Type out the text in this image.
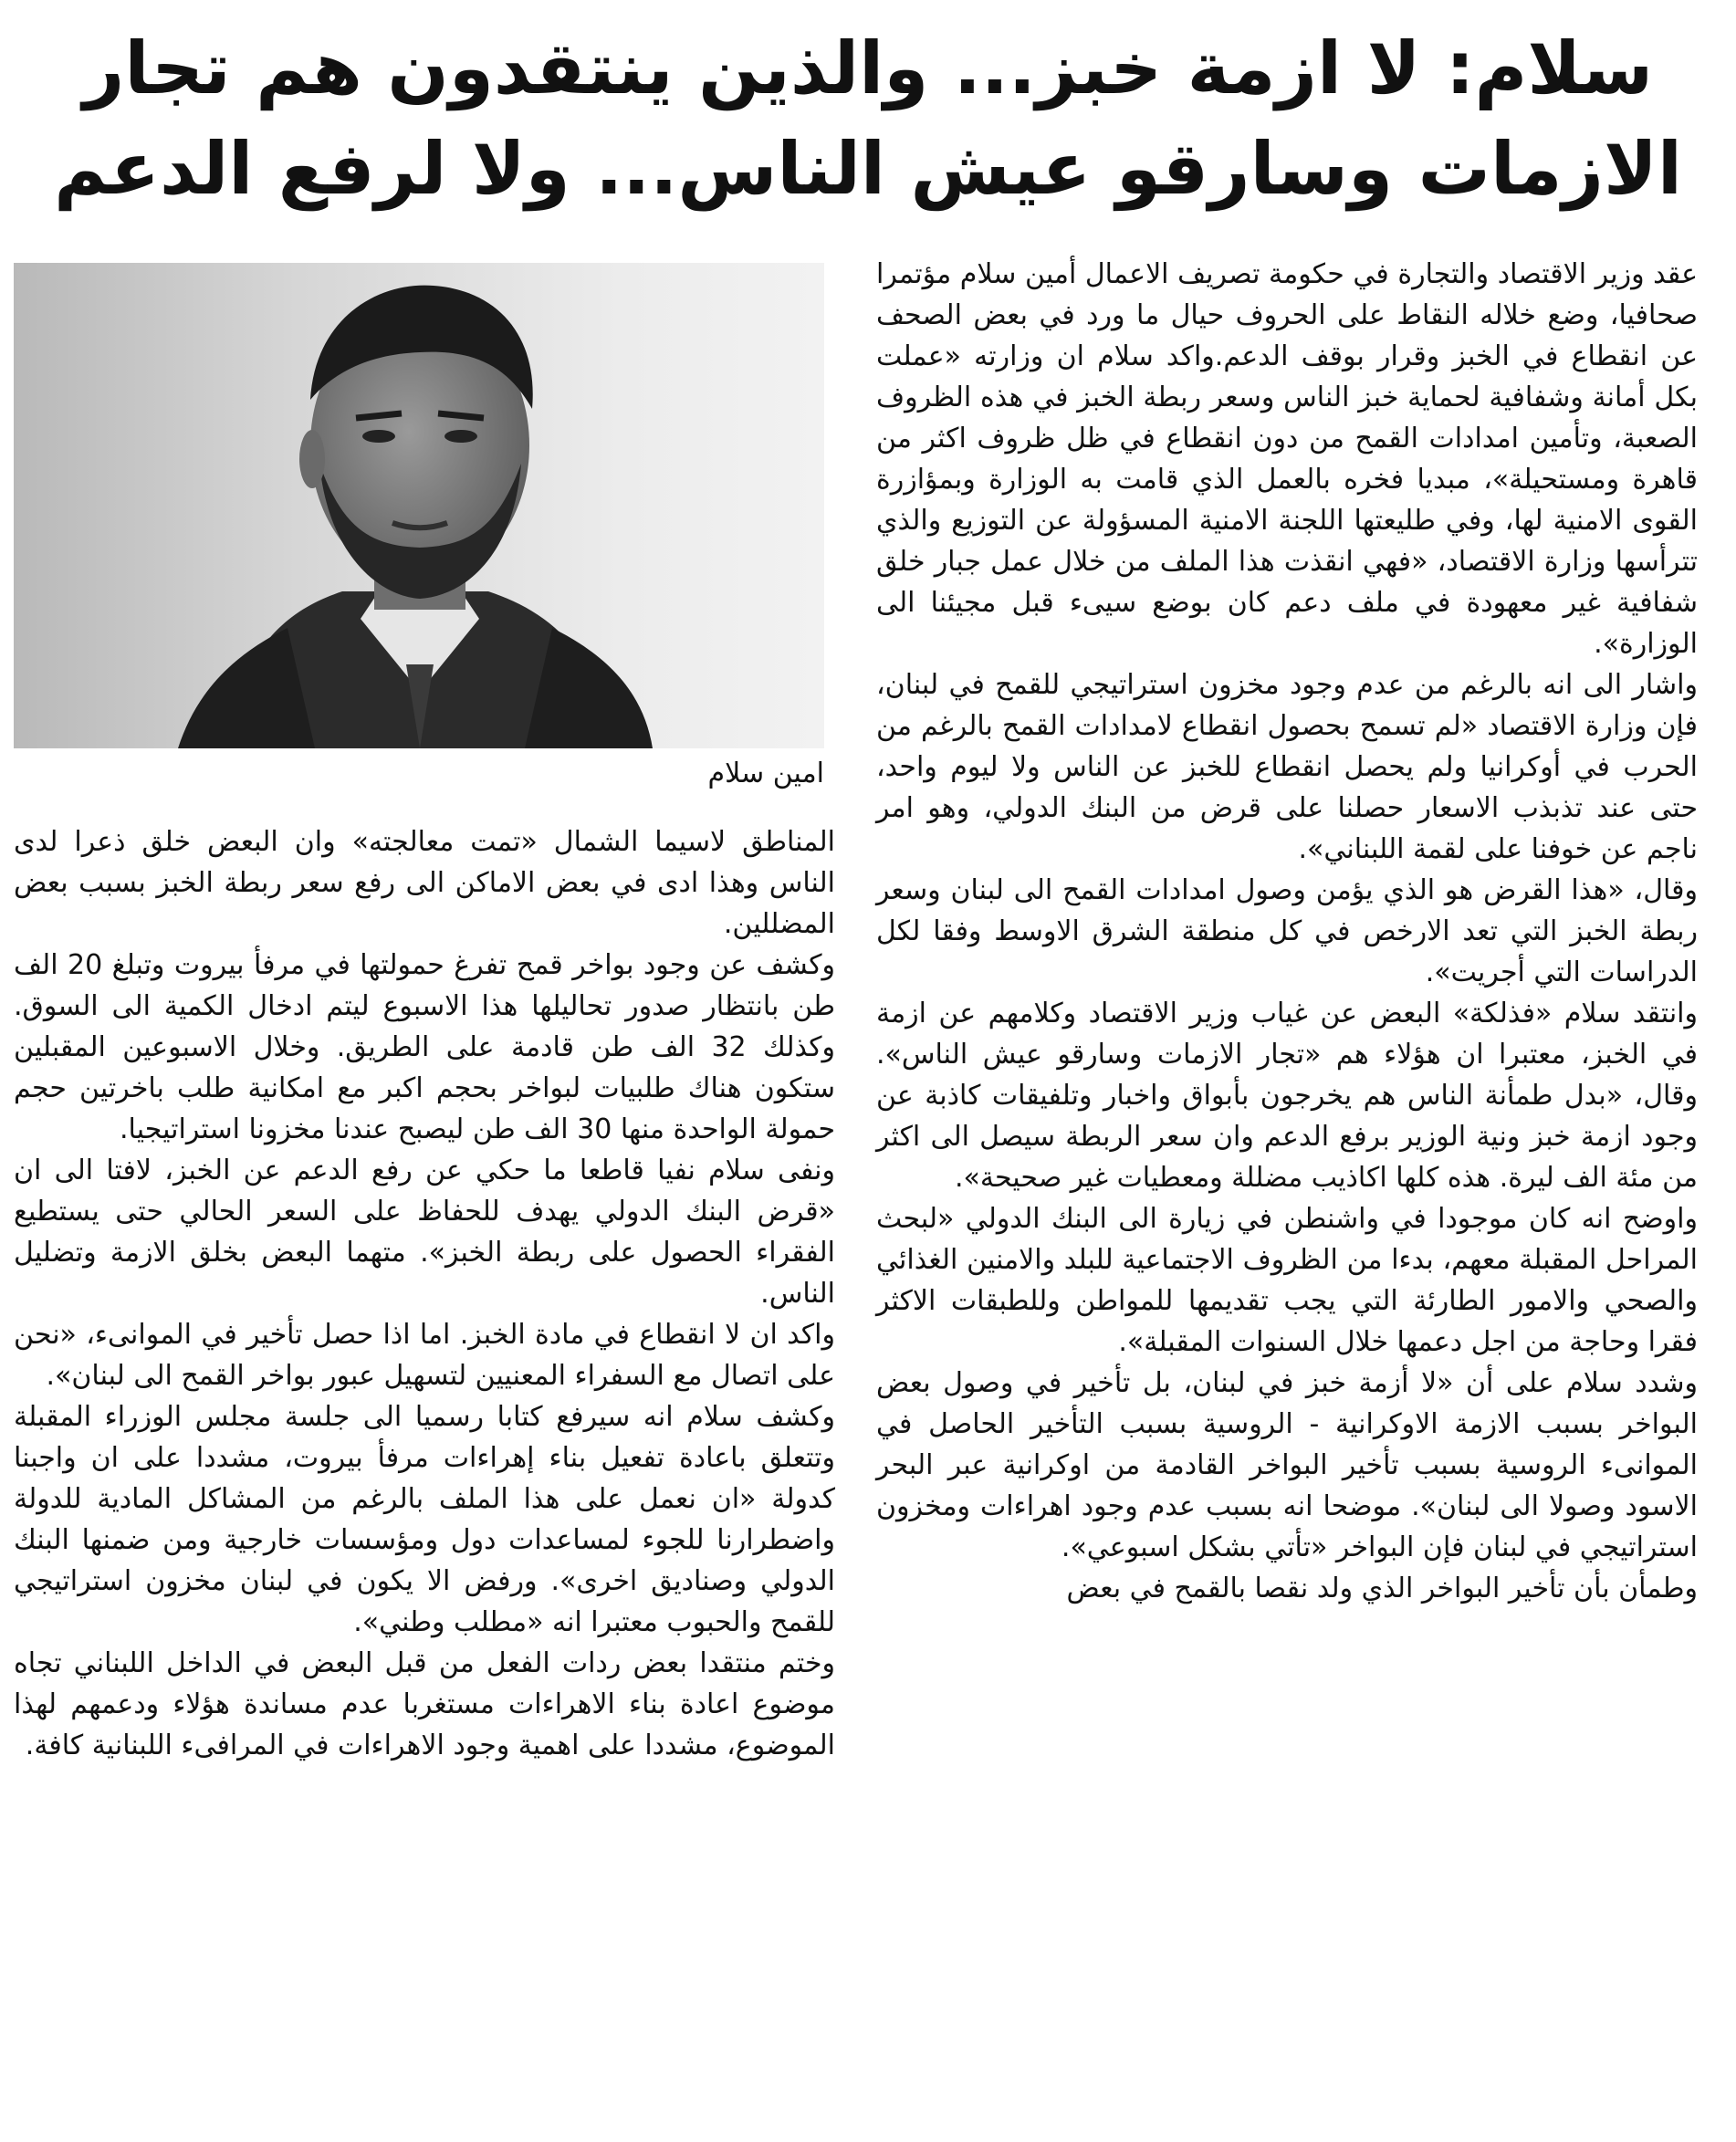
سلام: لا ازمة خبز... والذين ينتقدون هم تجار
الازمات وسارقو عيش الناس... ولا لرفع الدعم

عقد وزير الاقتصاد والتجارة في حكومة تصريف الاعمال أمين سلام مؤتمرا صحافيا، وضع خلاله النقاط على الحروف حيال ما ورد في بعض الصحف عن انقطاع في الخبز وقرار بوقف الدعم.واكد سلام ان وزارته «عملت بكل أمانة وشفافية لحماية خبز الناس وسعر ربطة الخبز في هذه الظروف الصعبة، وتأمين امدادات القمح من دون انقطاع في ظل ظروف اكثر من قاهرة ومستحيلة»، مبديا فخره بالعمل الذي قامت به الوزارة وبمؤازرة القوى الامنية لها، وفي طليعتها اللجنة الامنية المسؤولة عن التوزيع والذي تترأسها وزارة الاقتصاد، «فهي انقذت هذا الملف من خلال عمل جبار خلق شفافية غير معهودة في ملف دعم كان بوضع سيىء قبل مجيئنا الى الوزارة».

واشار الى انه بالرغم من عدم وجود مخزون استراتيجي للقمح في لبنان، فإن وزارة الاقتصاد «لم تسمح بحصول انقطاع لامدادات القمح بالرغم من الحرب في أوكرانيا ولم يحصل انقطاع للخبز عن الناس ولا ليوم واحد، حتى عند تذبذب الاسعار حصلنا على قرض من البنك الدولي، وهو امر ناجم عن خوفنا على لقمة اللبناني».

وقال، «هذا القرض هو الذي يؤمن وصول امدادات القمح الى لبنان وسعر ربطة الخبز التي تعد الارخص في كل منطقة الشرق الاوسط وفقا لكل الدراسات التي أجريت».

وانتقد سلام «فذلكة» البعض عن غياب وزير الاقتصاد وكلامهم عن ازمة في الخبز، معتبرا ان هؤلاء هم «تجار الازمات وسارقو عيش الناس». وقال، «بدل طمأنة الناس هم يخرجون بأبواق واخبار وتلفيقات كاذبة عن وجود ازمة خبز ونية الوزير برفع الدعم وان سعر الربطة سيصل الى اكثر من مئة الف ليرة. هذه كلها اكاذيب مضللة ومعطيات غير صحيحة».

واوضح انه كان موجودا في واشنطن في زيارة الى البنك الدولي «لبحث المراحل المقبلة معهم، بدءا من الظروف الاجتماعية للبلد والامنين الغذائي والصحي والامور الطارئة التي يجب تقديمها للمواطن وللطبقات الاكثر فقرا وحاجة من اجل دعمها خلال السنوات المقبلة».

وشدد سلام على أن «لا أزمة خبز في لبنان، بل تأخير في وصول بعض البواخر بسبب الازمة الاوكرانية - الروسية بسبب التأخير الحاصل في الموانىء الروسية بسبب تأخير البواخر القادمة من اوكرانية عبر البحر الاسود وصولا الى لبنان». موضحا انه بسبب عدم وجود اهراءات ومخزون استراتيجي في لبنان فإن البواخر «تأتي بشكل اسبوعي».

وطمأن بأن تأخير البواخر الذي ولد نقصا بالقمح في بعض

امين سلام

المناطق لاسيما الشمال «تمت معالجته» وان البعض خلق ذعرا لدى الناس وهذا ادى في بعض الاماكن الى رفع سعر ربطة الخبز بسبب بعض المضللين.

وكشف عن وجود بواخر قمح تفرغ حمولتها في مرفأ بيروت وتبلغ 20 الف طن بانتظار صدور تحاليلها هذا الاسبوع ليتم ادخال الكمية الى السوق. وكذلك 32 الف طن قادمة على الطريق. وخلال الاسبوعين المقبلين ستكون هناك طلبيات لبواخر بحجم اكبر مع امكانية طلب باخرتين حجم حمولة الواحدة منها 30 الف طن ليصبح عندنا مخزونا استراتيجيا.

ونفى سلام نفيا قاطعا ما حكي عن رفع الدعم عن الخبز، لافتا الى ان «قرض البنك الدولي يهدف للحفاظ على السعر الحالي حتى يستطيع الفقراء الحصول على ربطة الخبز». متهما البعض بخلق الازمة وتضليل الناس.

واكد ان لا انقطاع في مادة الخبز. اما اذا حصل تأخير في الموانىء، «نحن على اتصال مع السفراء المعنيين لتسهيل عبور بواخر القمح الى لبنان».

وكشف سلام انه سيرفع كتابا رسميا الى جلسة مجلس الوزراء المقبلة وتتعلق باعادة تفعيل بناء إهراءات مرفأ بيروت، مشددا على ان واجبنا كدولة «ان نعمل على هذا الملف بالرغم من المشاكل المادية للدولة واضطرارنا للجوء لمساعدات دول ومؤسسات خارجية ومن ضمنها البنك الدولي وصناديق اخرى». ورفض الا يكون في لبنان مخزون استراتيجي للقمح والحبوب معتبرا انه «مطلب وطني».

وختم منتقدا بعض ردات الفعل من قبل البعض في الداخل اللبناني تجاه موضوع اعادة بناء الاهراءات مستغربا عدم مساندة هؤلاء ودعمهم لهذا الموضوع، مشددا على اهمية وجود الاهراءات في المرافىء اللبنانية كافة.
